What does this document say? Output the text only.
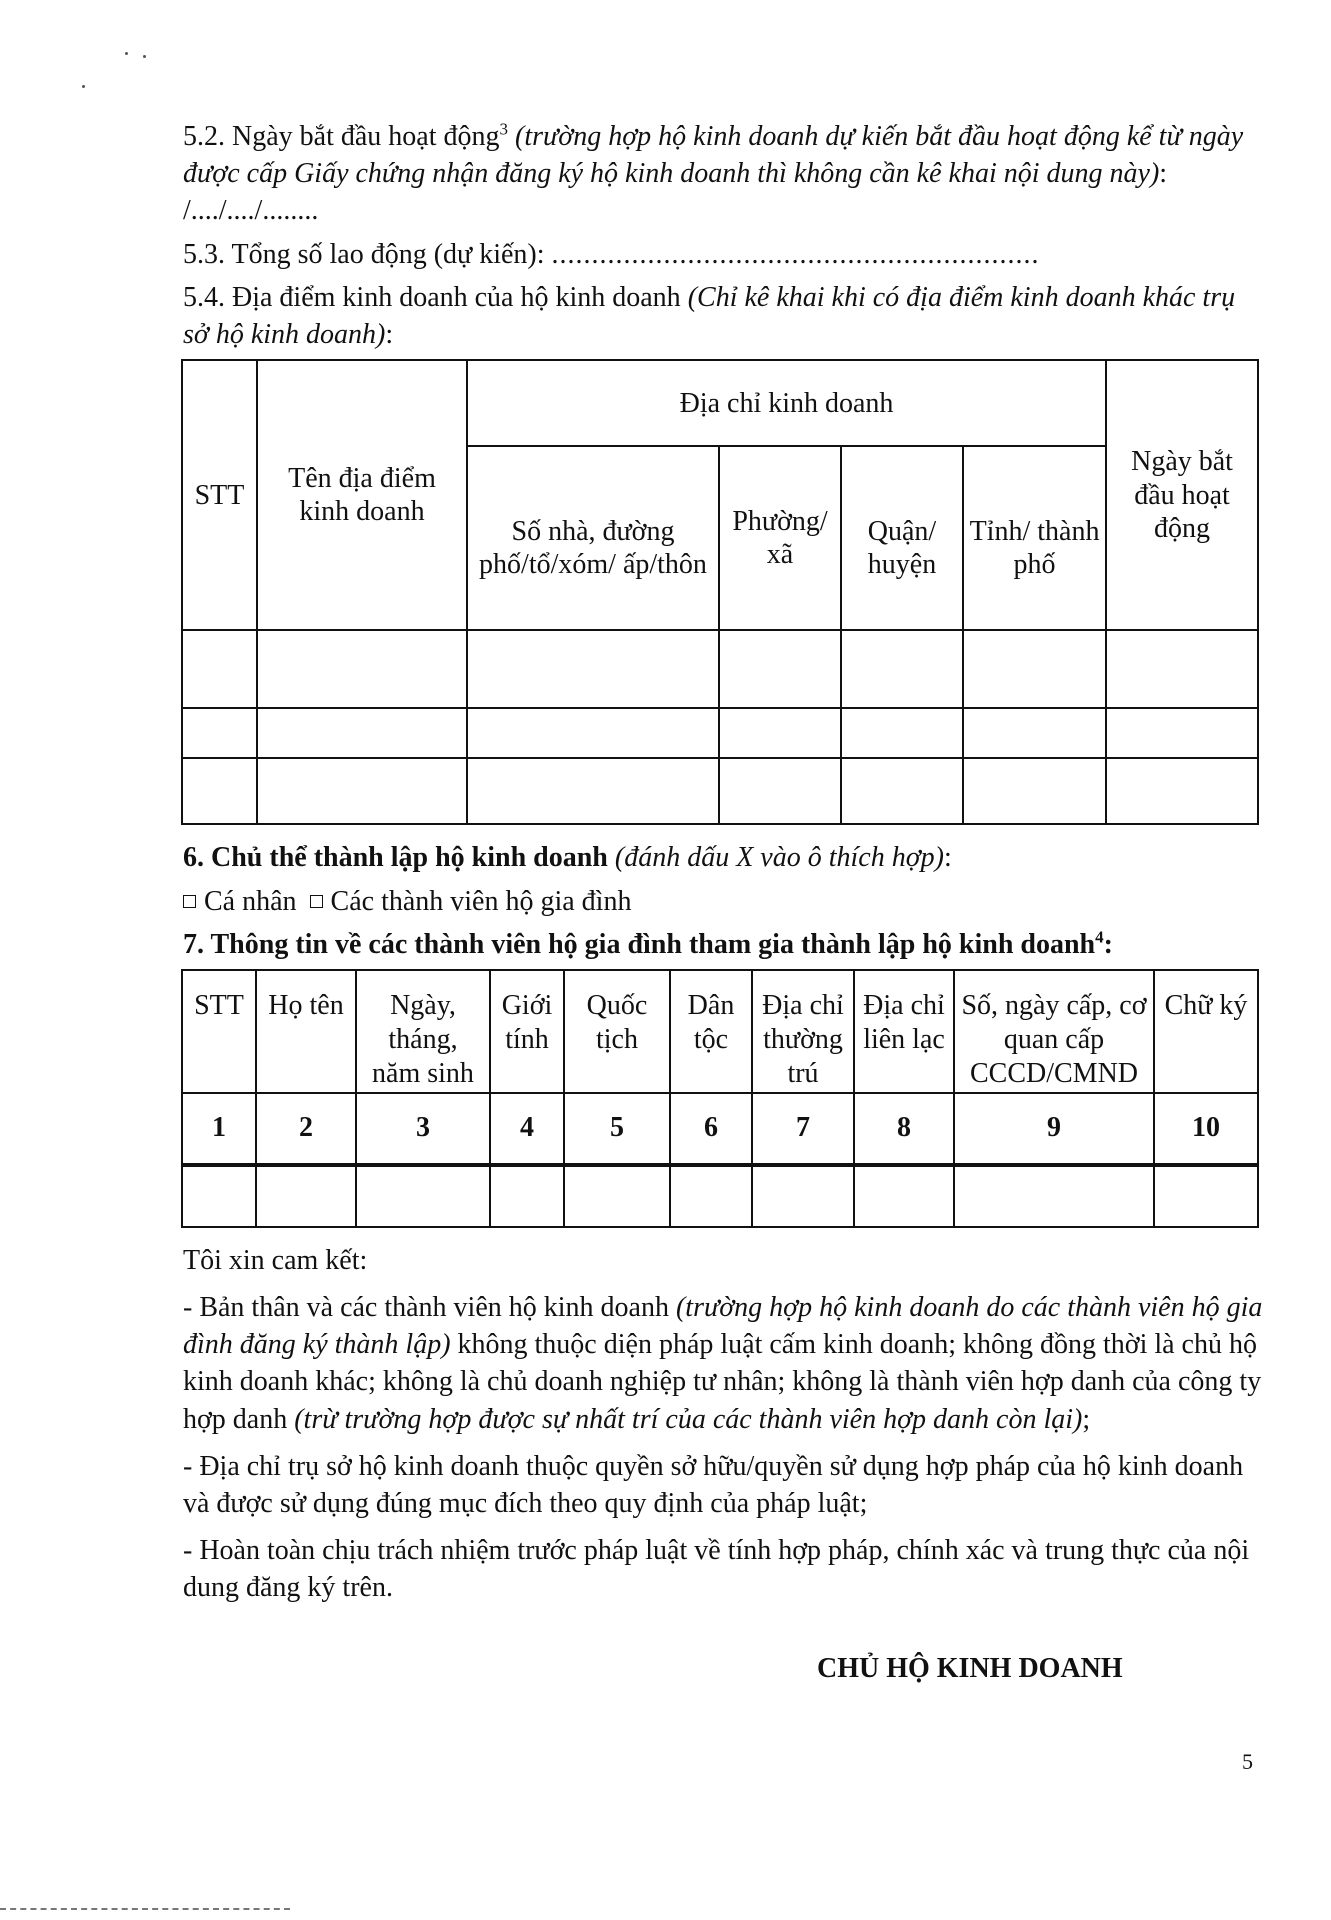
5.2. Ngày bắt đầu hoạt động$^3$ (trường hợp hộ kinh doanh dự kiến bắt đầu hoạt động kể từ ngày được cấp Giấy chứng nhận đăng ký hộ kinh doanh thì không cần kê khai nội dung này): /..../..../........

5.3. Tổng số lao động (dự kiến): .............................................................

5.4. Địa điểm kinh doanh của hộ kinh doanh (Chỉ kê khai khi có địa điểm kinh doanh khác trụ sở hộ kinh doanh):

STT	Tên địa điểm kinh doanh	Địa chỉ kinh doanh				Ngày bắt đầu hoạt động
		Số nhà, đường phố/tổ/xóm/ ấp/thôn	Phường/ xã	Quận/ huyện	Tỉnh/ thành phố	

6. Chủ thể thành lập hộ kinh doanh (đánh dấu X vào ô thích hợp):

Cá nhân Các thành viên hộ gia đình

7. Thông tin về các thành viên hộ gia đình tham gia thành lập hộ kinh doanh$^4$:

STT	Họ tên	Ngày, tháng, năm sinh	Giới tính	Quốc tịch	Dân tộc	Địa chỉ thường trú	Địa chỉ liên lạc	Số, ngày cấp, cơ quan cấp CCCD/CMND	Chữ ký
1	2	3	4	5	6	7	8	9	10

Tôi xin cam kết:

- Bản thân và các thành viên hộ kinh doanh (trường hợp hộ kinh doanh do các thành viên hộ gia đình đăng ký thành lập) không thuộc diện pháp luật cấm kinh doanh; không đồng thời là chủ hộ kinh doanh khác; không là chủ doanh nghiệp tư nhân; không là thành viên hợp danh của công ty hợp danh (trừ trường hợp được sự nhất trí của các thành viên hợp danh còn lại);

- Địa chỉ trụ sở hộ kinh doanh thuộc quyền sở hữu/quyền sử dụng hợp pháp của hộ kinh doanh và được sử dụng đúng mục đích theo quy định của pháp luật;

- Hoàn toàn chịu trách nhiệm trước pháp luật về tính hợp pháp, chính xác và trung thực của nội dung đăng ký trên.

CHỦ HỘ KINH DOANH
5
